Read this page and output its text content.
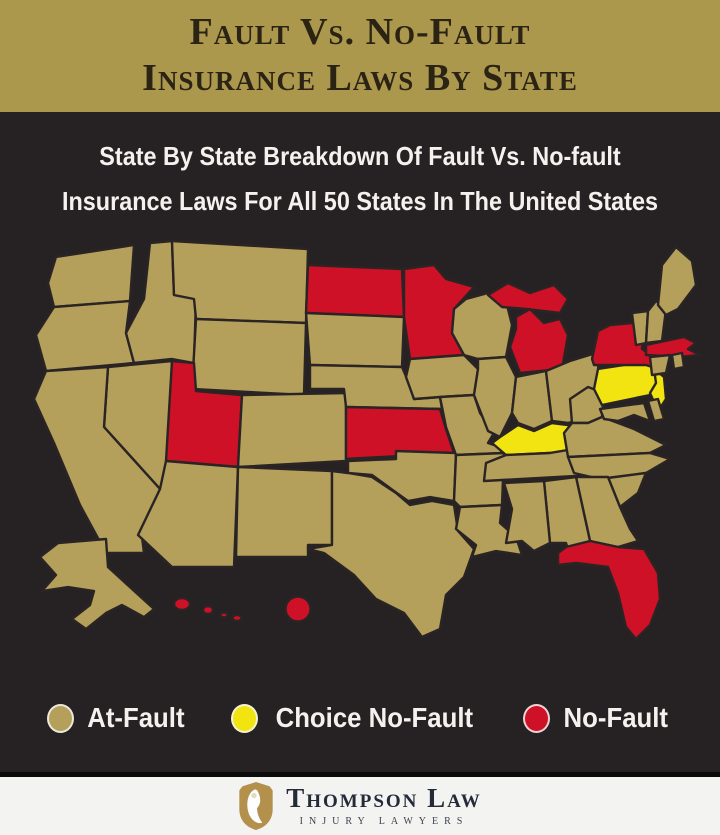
Fault Vs. No-Fault
Insurance Laws By State
State By State Breakdown Of Fault Vs. No-fault
Insurance Laws For All 50 States In The United States
At-Fault	Choice No-Fault	No-Fault
Thompson Law
INJURY LAWYERS
